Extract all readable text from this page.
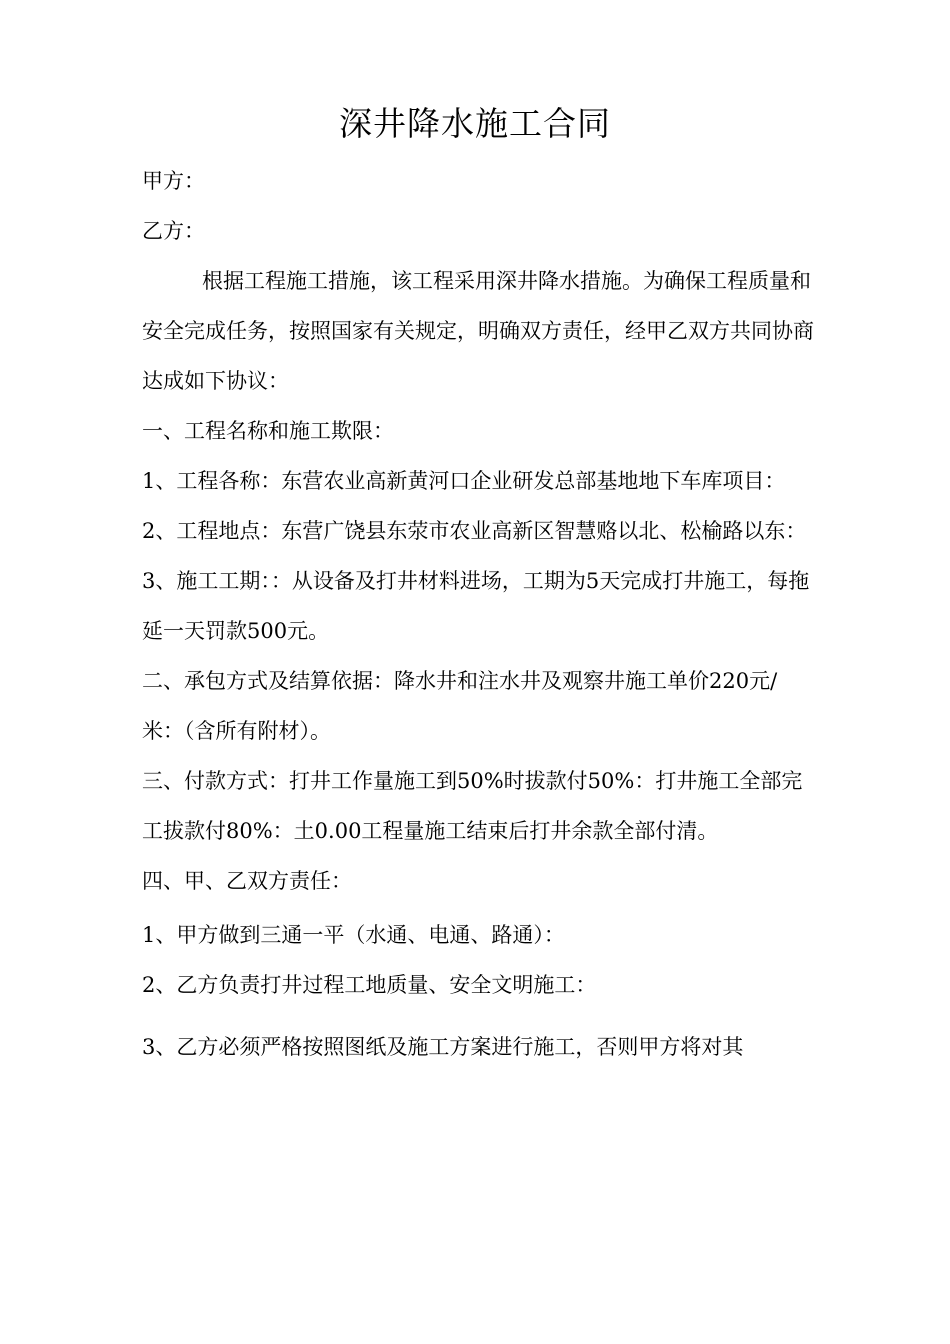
深井降水施工合同

甲方：

乙方：

根据工程施工措施，该工程采用深井降水措施。为确保工程质量和安全完成任务，按照国家有关规定，明确双方责任，经甲乙双方共同协商达成如下协议：

一、工程名称和施工欺限：

1、工程各称：东营农业高新黄河口企业研发总部基地地下车库项目：

2、工程地点：东营广饶县东荥市农业高新区智慧赂以北、松榆路以东：

3、施工工期：：从设备及打井材料进场，工期为5天完成打井施工，每拖延一天罚款500元。

二、承包方式及结算依据：降水井和注水井及观察井施工单价220元/米：（含所有附材）。

三、付款方式：打井工作量施工到50%时拔款付50%：打井施工全部完工拔款付80%：土0.00工程量施工结束后打井余款全部付清。

四、甲、乙双方责任：

1、甲方做到三通一平（水通、电通、路通）：

2、乙方负责打井过程工地质量、安全文明施工：

3、乙方必须严格按照图纸及施工方案进行施工，否则甲方将对其
